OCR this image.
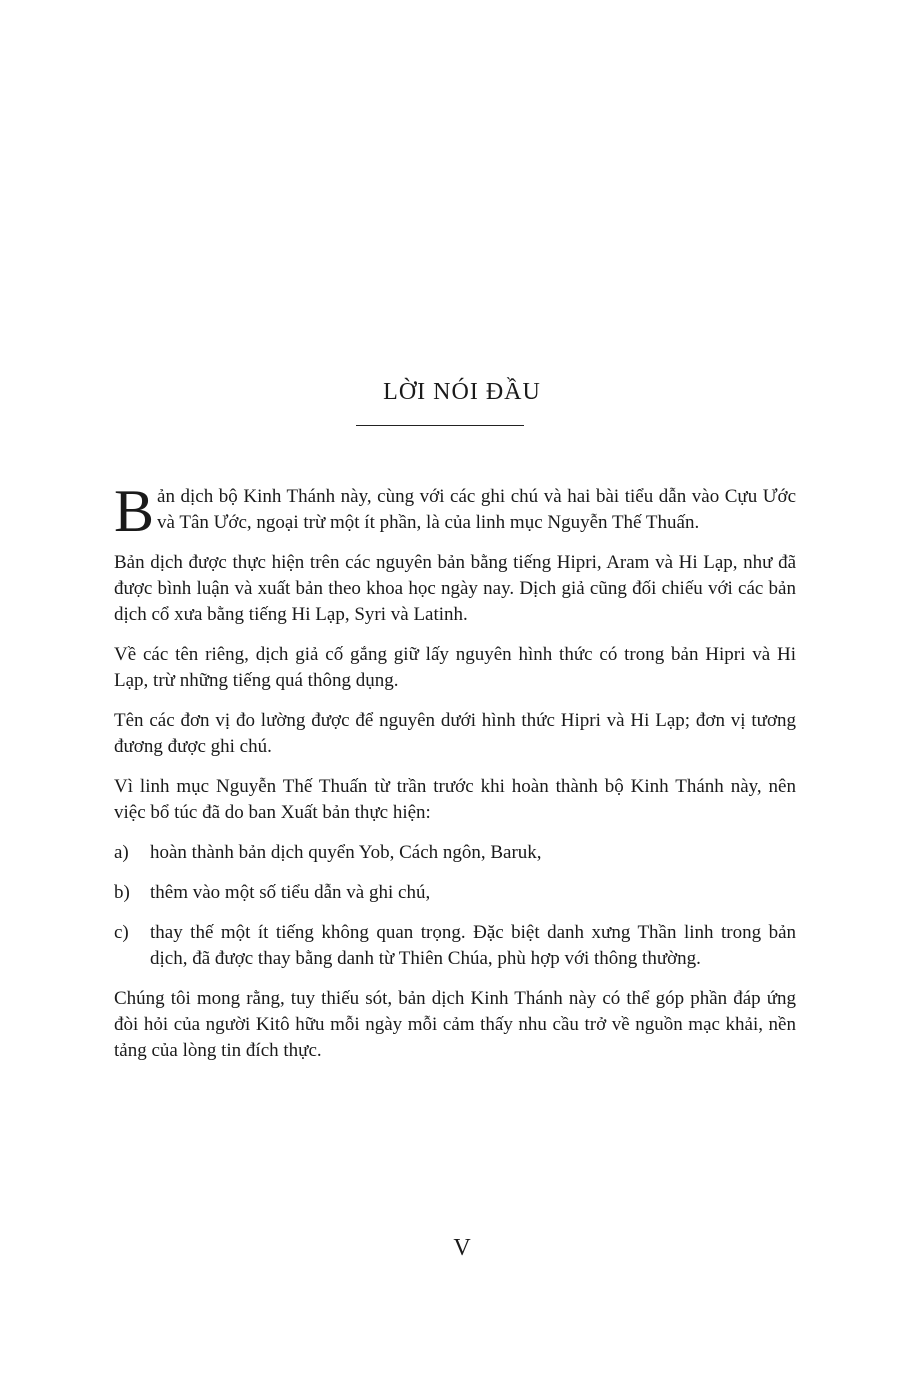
LỜI NÓI ĐẦU

Bản dịch bộ Kinh Thánh này, cùng với các ghi chú và hai bài tiểu dẫn vào Cựu Ước và Tân Ước, ngoại trừ một ít phần, là của linh mục Nguyễn Thế Thuấn.

Bản dịch được thực hiện trên các nguyên bản bằng tiếng Hipri, Aram và Hi Lạp, như đã được bình luận và xuất bản theo khoa học ngày nay. Dịch giả cũng đối chiếu với các bản dịch cổ xưa bằng tiếng Hi Lạp, Syri và Latinh.

Về các tên riêng, dịch giả cố gắng giữ lấy nguyên hình thức có trong bản Hipri và Hi Lạp, trừ những tiếng quá thông dụng.

Tên các đơn vị đo lường được để nguyên dưới hình thức Hipri và Hi Lạp; đơn vị tương đương được ghi chú.

Vì linh mục Nguyễn Thế Thuấn từ trần trước khi hoàn thành bộ Kinh Thánh này, nên việc bổ túc đã do ban Xuất bản thực hiện:

a) hoàn thành bản dịch quyển Yob, Cách ngôn, Baruk,
b) thêm vào một số tiểu dẫn và ghi chú,
c) thay thế một ít tiếng không quan trọng. Đặc biệt danh xưng Thần linh trong bản dịch, đã được thay bằng danh từ Thiên Chúa, phù hợp với thông thường.

Chúng tôi mong rằng, tuy thiếu sót, bản dịch Kinh Thánh này có thể góp phần đáp ứng đòi hỏi của người Kitô hữu mỗi ngày mỗi cảm thấy nhu cầu trở về nguồn mạc khải, nền tảng của lòng tin đích thực.

V
